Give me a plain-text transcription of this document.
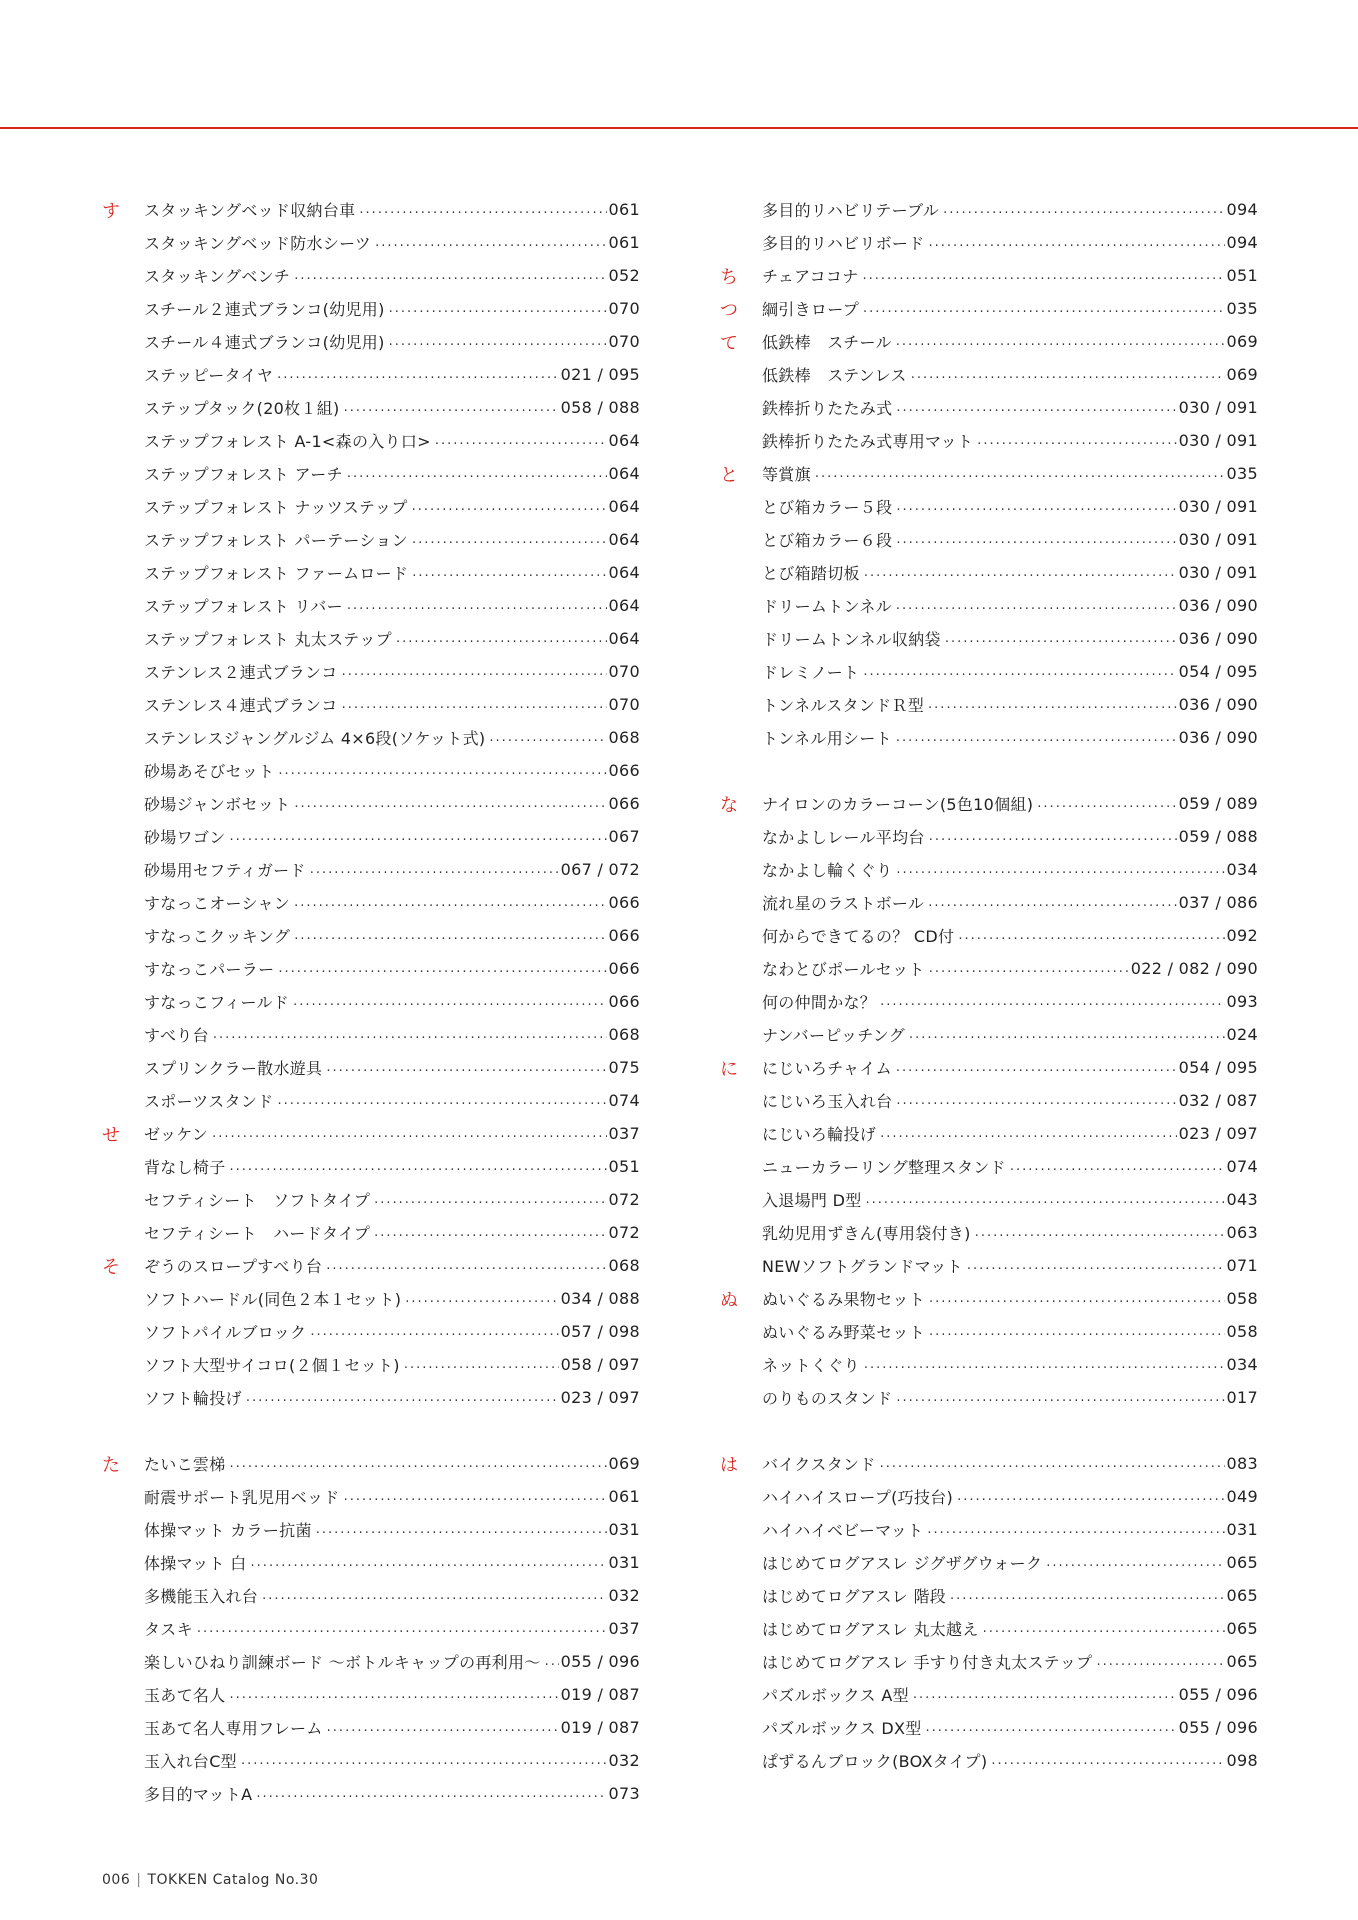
す	スタッキングベッド収納台車 .....	061
スタッキングベッド防水シーツ .....	061
スタッキングベンチ .....	052
スチール２連式ブランコ(幼児用) .....	070
スチール４連式ブランコ(幼児用) .....	070
ステッピータイヤ .....	021 / 095
ステップタック(20枚１組) .....	058 / 088
ステップフォレスト A-1<森の入り口> .....	064
ステップフォレスト アーチ .....	064
ステップフォレスト ナッツステップ .....	064
ステップフォレスト パーテーション .....	064
ステップフォレスト ファームロード .....	064
ステップフォレスト リバー .....	064
ステップフォレスト 丸太ステップ .....	064
ステンレス２連式ブランコ .....	070
ステンレス４連式ブランコ .....	070
ステンレスジャングルジム 4×6段(ソケット式) .....	068
砂場あそびセット .....	066
砂場ジャンボセット .....	066
砂場ワゴン .....	067
砂場用セフティガード .....	067 / 072
すなっこオーシャン .....	066
すなっこクッキング .....	066
すなっこパーラー .....	066
すなっこフィールド .....	066
すべり台 .....	068
スプリンクラー散水遊具 .....	075
スポーツスタンド .....	074
せ	ゼッケン .....	037
背なし椅子 .....	051
セフティシート　ソフトタイプ .....	072
セフティシート　ハードタイプ .....	072
そ	ぞうのスロープすべり台 .....	068
ソフトハードル(同色２本１セット) .....	034 / 088
ソフトパイルブロック .....	057 / 098
ソフト大型サイコロ(２個１セット) .....	058 / 097
ソフト輪投げ .....	023 / 097
た	たいこ雲梯 .....	069
耐震サポート乳児用ベッド .....	061
体操マット カラー抗菌 .....	031
体操マット 白 .....	031
多機能玉入れ台 .....	032
タスキ .....	037
楽しいひねり訓練ボード ～ボトルキャップの再利用～ ..... 055 / 096
玉あて名人 .....	019 / 087
玉あて名人専用フレーム .....	019 / 087
玉入れ台C型 .....	032
多目的マットA .....	073
多目的リハビリテーブル .....	094
多目的リハビリボード .....	094
ち	チェアココナ .....	051
つ	綱引きロープ .....	035
て	低鉄棒　スチール .....	069
低鉄棒　ステンレス .....	069
鉄棒折りたたみ式 .....	030 / 091
鉄棒折りたたみ式専用マット .....	030 / 091
と	等賞旗 .....	035
とび箱カラー５段 .....	030 / 091
とび箱カラー６段 .....	030 / 091
とび箱踏切板 .....	030 / 091
ドリームトンネル .....	036 / 090
ドリームトンネル収納袋 .....	036 / 090
ドレミノート .....	054 / 095
トンネルスタンドＲ型 .....	036 / 090
トンネル用シート .....	036 / 090
な	ナイロンのカラーコーン(5色10個組) .....	059 / 089
なかよしレール平均台 .....	059 / 088
なかよし輪くぐり .....	034
流れ星のラストボール .....	037 / 086
何からできてるの？ CD付 .....	092
なわとびポールセット .....	022 / 082 / 090
何の仲間かな？ .....	093
ナンバーピッチング .....	024
に	にじいろチャイム .....	054 / 095
にじいろ玉入れ台 .....	032 / 087
にじいろ輪投げ .....	023 / 097
ニューカラーリング整理スタンド .....	074
入退場門 D型 .....	043
乳幼児用ずきん(専用袋付き) .....	063
NEWソフトグランドマット .....	071
ぬ	ぬいぐるみ果物セット .....	058
ぬいぐるみ野菜セット .....	058
ネットくぐり .....	034
のりものスタンド .....	017
は	バイクスタンド .....	083
ハイハイスロープ(巧技台) .....	049
ハイハイベビーマット .....	031
はじめてログアスレ ジグザグウォーク .....	065
はじめてログアスレ 階段 .....	065
はじめてログアスレ 丸太越え .....	065
はじめてログアスレ 手すり付き丸太ステップ .....	065
パズルボックス A型 .....	055 / 096
パズルボックス DX型 .....	055 / 096
ぱずるんブロック(BOXタイプ) .....	098
006 | TOKKEN Catalog No.30
